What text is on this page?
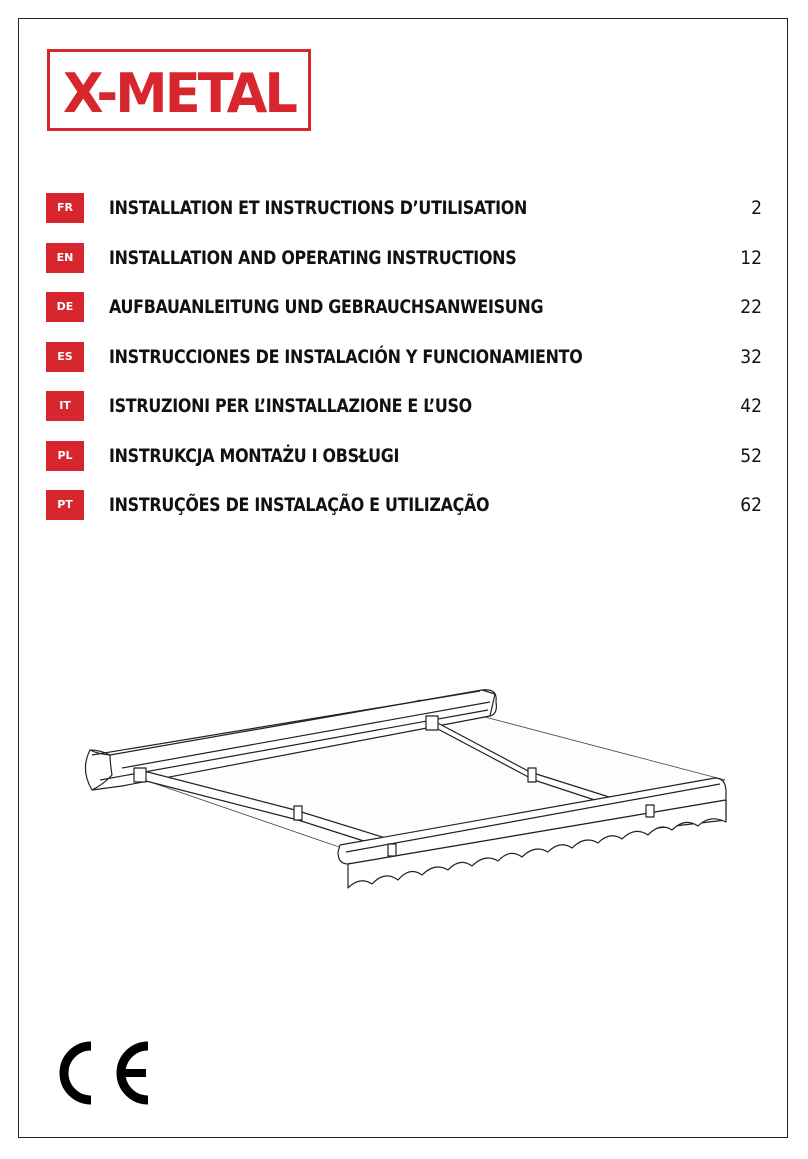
X-METAL
FR	INSTALLATION ET INSTRUCTIONS D’UTILISATION	2
EN	INSTALLATION AND OPERATING INSTRUCTIONS	12
DE	AUFBAUANLEITUNG UND GEBRAUCHSANWEISUNG	22
ES	INSTRUCCIONES DE INSTALACIÓN Y FUNCIONAMIENTO	32
IT	ISTRUZIONI PER L’INSTALLAZIONE E L’USO	42
PL	INSTRUKCJA MONTAŻU I OBSŁUGI	52
PT	INSTRUÇÕES DE INSTALAÇÃO E UTILIZAÇÃO	62
